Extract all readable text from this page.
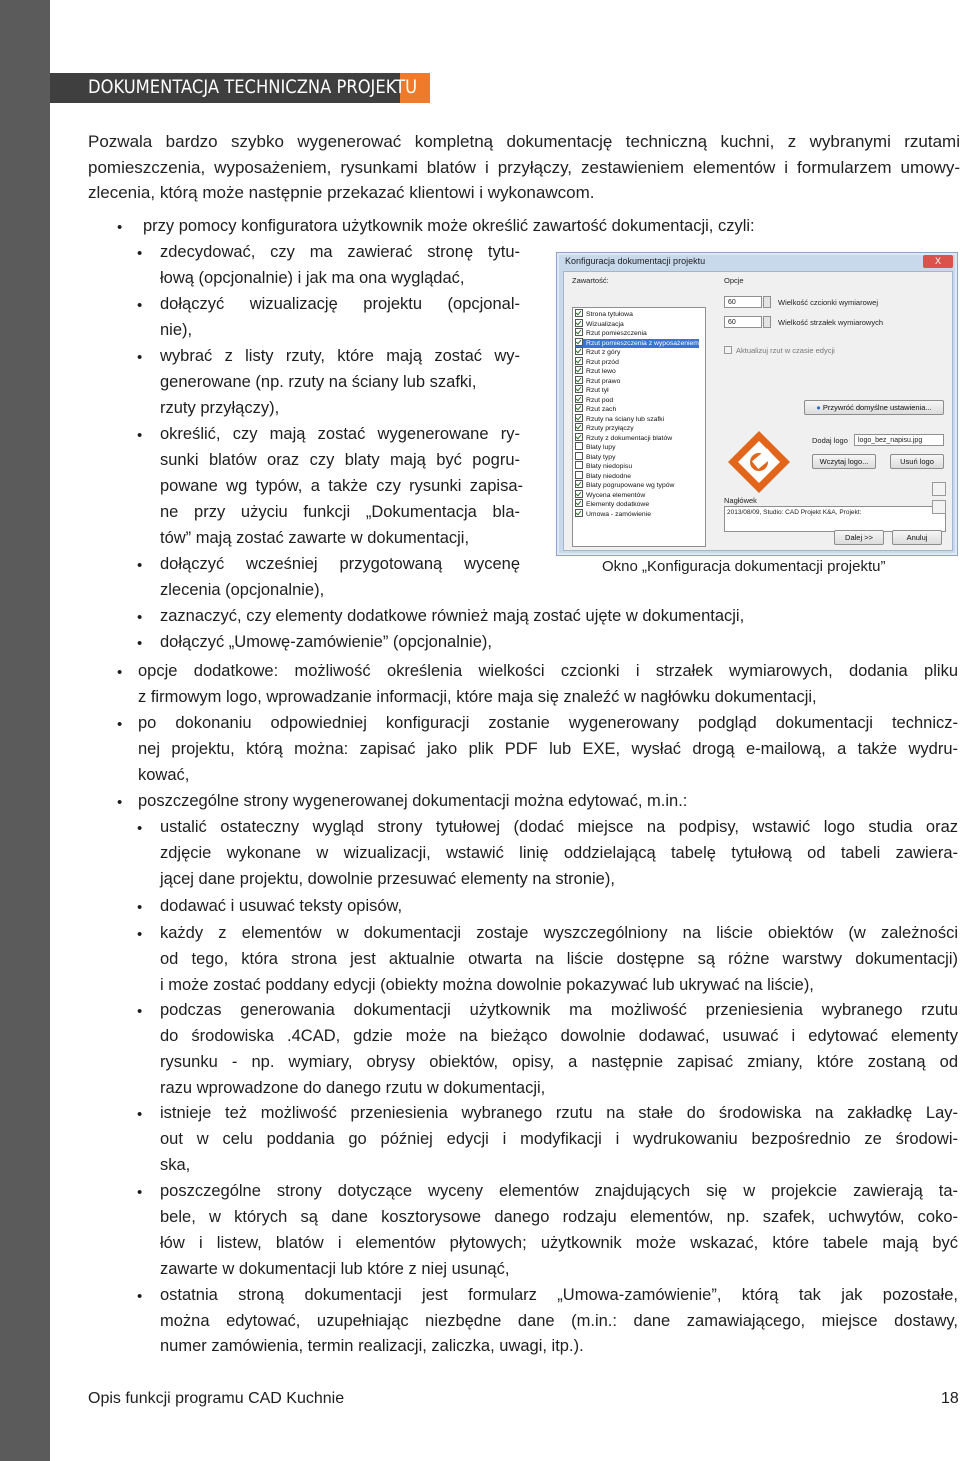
DOKUMENTACJA TECHNICZNA PROJEKTU
Pozwala bardzo szybko wygenerować kompletną dokumentację techniczną kuchni, z wybranymi rzutami pomieszczenia, wyposażeniem, rysunkami blatów i przyłączy, zestawieniem elementów i formularzem umowy-zlecenia, którą może następnie przekazać klientowi i wykonawcom.
• przy pomocy konfiguratora użytkownik może określić zawartość dokumentacji, czyli:
• zdecydować, czy ma zawierać stronę tytu-
łową (opcjonalnie) i jak ma ona wyglądać,
• dołączyć wizualizację projektu (opcjonal-
nie),
• wybrać z listy rzuty, które mają zostać wy-
generowane (np. rzuty na ściany lub szafki,
rzuty przyłączy),
• określić, czy mają zostać wygenerowane ry-
sunki blatów oraz czy blaty mają być pogru-
powane wg typów, a także czy rysunki zapisa-
ne przy użyciu funkcji „Dokumentacja bla-
tów” mają zostać zawarte w dokumentacji,
• dołączyć wcześniej przygotowaną wycenę
zlecenia (opcjonalnie),
• zaznaczyć, czy elementy dodatkowe również mają zostać ujęte w dokumentacji,
• dołączyć „Umowę-zamówienie” (opcjonalnie),
• opcje dodatkowe: możliwość określenia wielkości czcionki i strzałek wymiarowych, dodania pliku
z firmowym logo, wprowadzanie informacji, które maja się znaleźć w nagłówku dokumentacji,
• po dokonaniu odpowiedniej konfiguracji zostanie wygenerowany podgląd dokumentacji technicz-
nej projektu, którą można: zapisać jako plik PDF lub EXE, wysłać drogą e-mailową, a także wydru-
kować,
• poszczególne strony wygenerowanej dokumentacji można edytować, m.in.:
• ustalić ostateczny wygląd strony tytułowej (dodać miejsce na podpisy, wstawić logo studia oraz
zdjęcie wykonane w wizualizacji, wstawić linię oddzielającą tabelę tytułową od tabeli zawiera-
jącej dane projektu, dowolnie przesuwać elementy na stronie),
• dodawać i usuwać teksty opisów,
• każdy z elementów w dokumentacji zostaje wyszczególniony na liście obiektów (w zależności
od tego, która strona jest aktualnie otwarta na liście dostępne są różne warstwy dokumentacji)
i może zostać poddany edycji (obiekty można dowolnie pokazywać lub ukrywać na liście),
• podczas generowania dokumentacji użytkownik ma możliwość przeniesienia wybranego rzutu
do środowiska .4CAD, gdzie może na bieżąco dowolnie dodawać, usuwać i edytować elementy
rysunku - np. wymiary, obrysy obiektów, opisy, a następnie zapisać zmiany, które zostaną od
razu wprowadzone do danego rzutu w dokumentacji,
• istnieje też możliwość przeniesienia wybranego rzutu na stałe do środowiska na zakładkę Lay-
out w celu poddania go później edycji i modyfikacji i wydrukowaniu bezpośrednio ze środowi-
ska,
• poszczególne strony dotyczące wyceny elementów znajdujących się w projekcie zawierają ta-
bele, w których są dane kosztorysowe danego rodzaju elementów, np. szafek, uchwytów, coko-
łów i listew, blatów i elementów płytowych; użytkownik może wskazać, które tabele mają być
zawarte w dokumentacji lub które z niej usunąć,
• ostatnia stroną dokumentacji jest formularz „Umowa-zamówienie”, którą tak jak pozostałe,
można edytować, uzupełniając niezbędne dane (m.in.: dane zamawiającego, miejsce dostawy,
numer zamówienia, termin realizacji, zaliczka, uwagi, itp.).
Konfiguracja dokumentacji projektu	X
Zawartość:	Opcje
Strona tytułowa
Wizualizacja
Rzut pomieszczenia
Rzut pomieszczenia z wyposażeniem
Rzut z góry
Rzut przód
Rzut lewo
Rzut prawo
Rzut tył
Rzut pod
Rzut zach
Rzuty na ściany lub szafki
Rzuty przyłączy
Rzuty z dokumentacji blatów
Blaty lupy
Blaty typy
Blaty niedopisu
Blaty niedodne
Blaty pogrupowane wg typów
Wycena elementów
Elementy dodatkowe
Umowa - zamówienie
60	Wielkość czcionki wymiarowej
60	Wielkość strzałek wymiarowych
Aktualizuj rzut w czasie edycji
● Przywróć domyślne ustawienia...
Dodaj logo	logo_bez_napisu.jpg
Wczytaj logo...	Usuń logo
Nagłówek
2013/08/09, Studio: CAD Projekt K&A, Projekt:
Dalej >>	Anuluj
Okno „Konfiguracja dokumentacji projektu”
Opis funkcji programu CAD Kuchnie	18
